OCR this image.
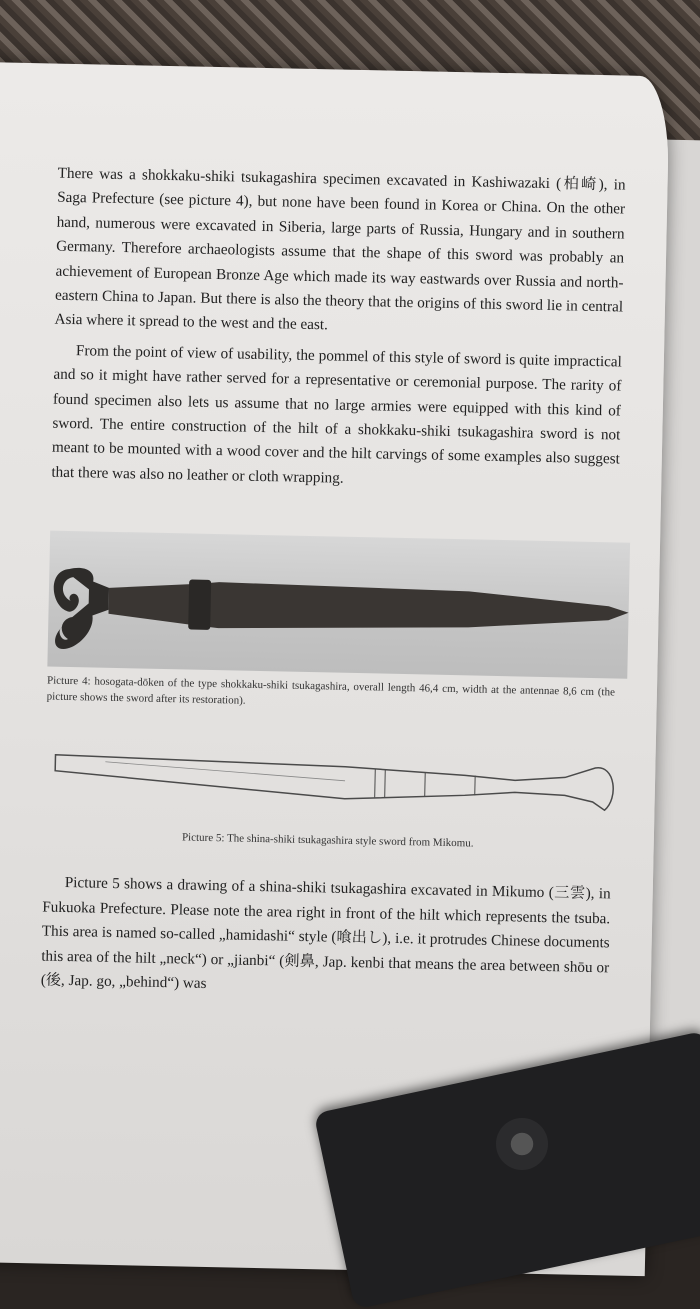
There was a shokkaku-shiki tsukagashira specimen excavated in Kashiwazaki (柏崎), in Saga Prefecture (see picture 4), but none have been found in Korea or China. On the other hand, numerous were excavated in Siberia, large parts of Russia, Hungary and in southern Germany. Therefore archaeologists assume that the shape of this sword was probably an achievement of European Bronze Age which made its way eastwards over Russia and north-eastern China to Japan. But there is also the theory that the origins of this sword lie in central Asia where it spread to the west and the east.

From the point of view of usability, the pommel of this style of sword is quite impractical and so it might have rather served for a representative or ceremonial purpose. The rarity of found specimen also lets us assume that no large armies were equipped with this kind of sword. The entire construction of the hilt of a shokkaku-shiki tsukagashira sword is not meant to be mounted with a wood cover and the hilt carvings of some examples also suggest that there was also no leather or cloth wrapping.

Picture 4: hosogata-dōken of the type shokkaku-shiki tsukagashira, overall length 46,4 cm, width at the antennae 8,6 cm (the picture shows the sword after its restoration).
Picture 5: The shina-shiki tsukagashira style sword from Mikomu.

Picture 5 shows a drawing of a shina-shiki tsukagashira excavated in Mikumo (三雲), in Fukuoka Prefecture. Please note the area right in front of the hilt which represents the tsuba. This area is named so-called „hamidashi“ style (喰出し), i.e. it protrudes Chinese documents this area of the hilt „neck“) or „jianbi“ (剣鼻, Jap. kenbi that means the area between shōu or (後, Jap. go, „behind“) was
